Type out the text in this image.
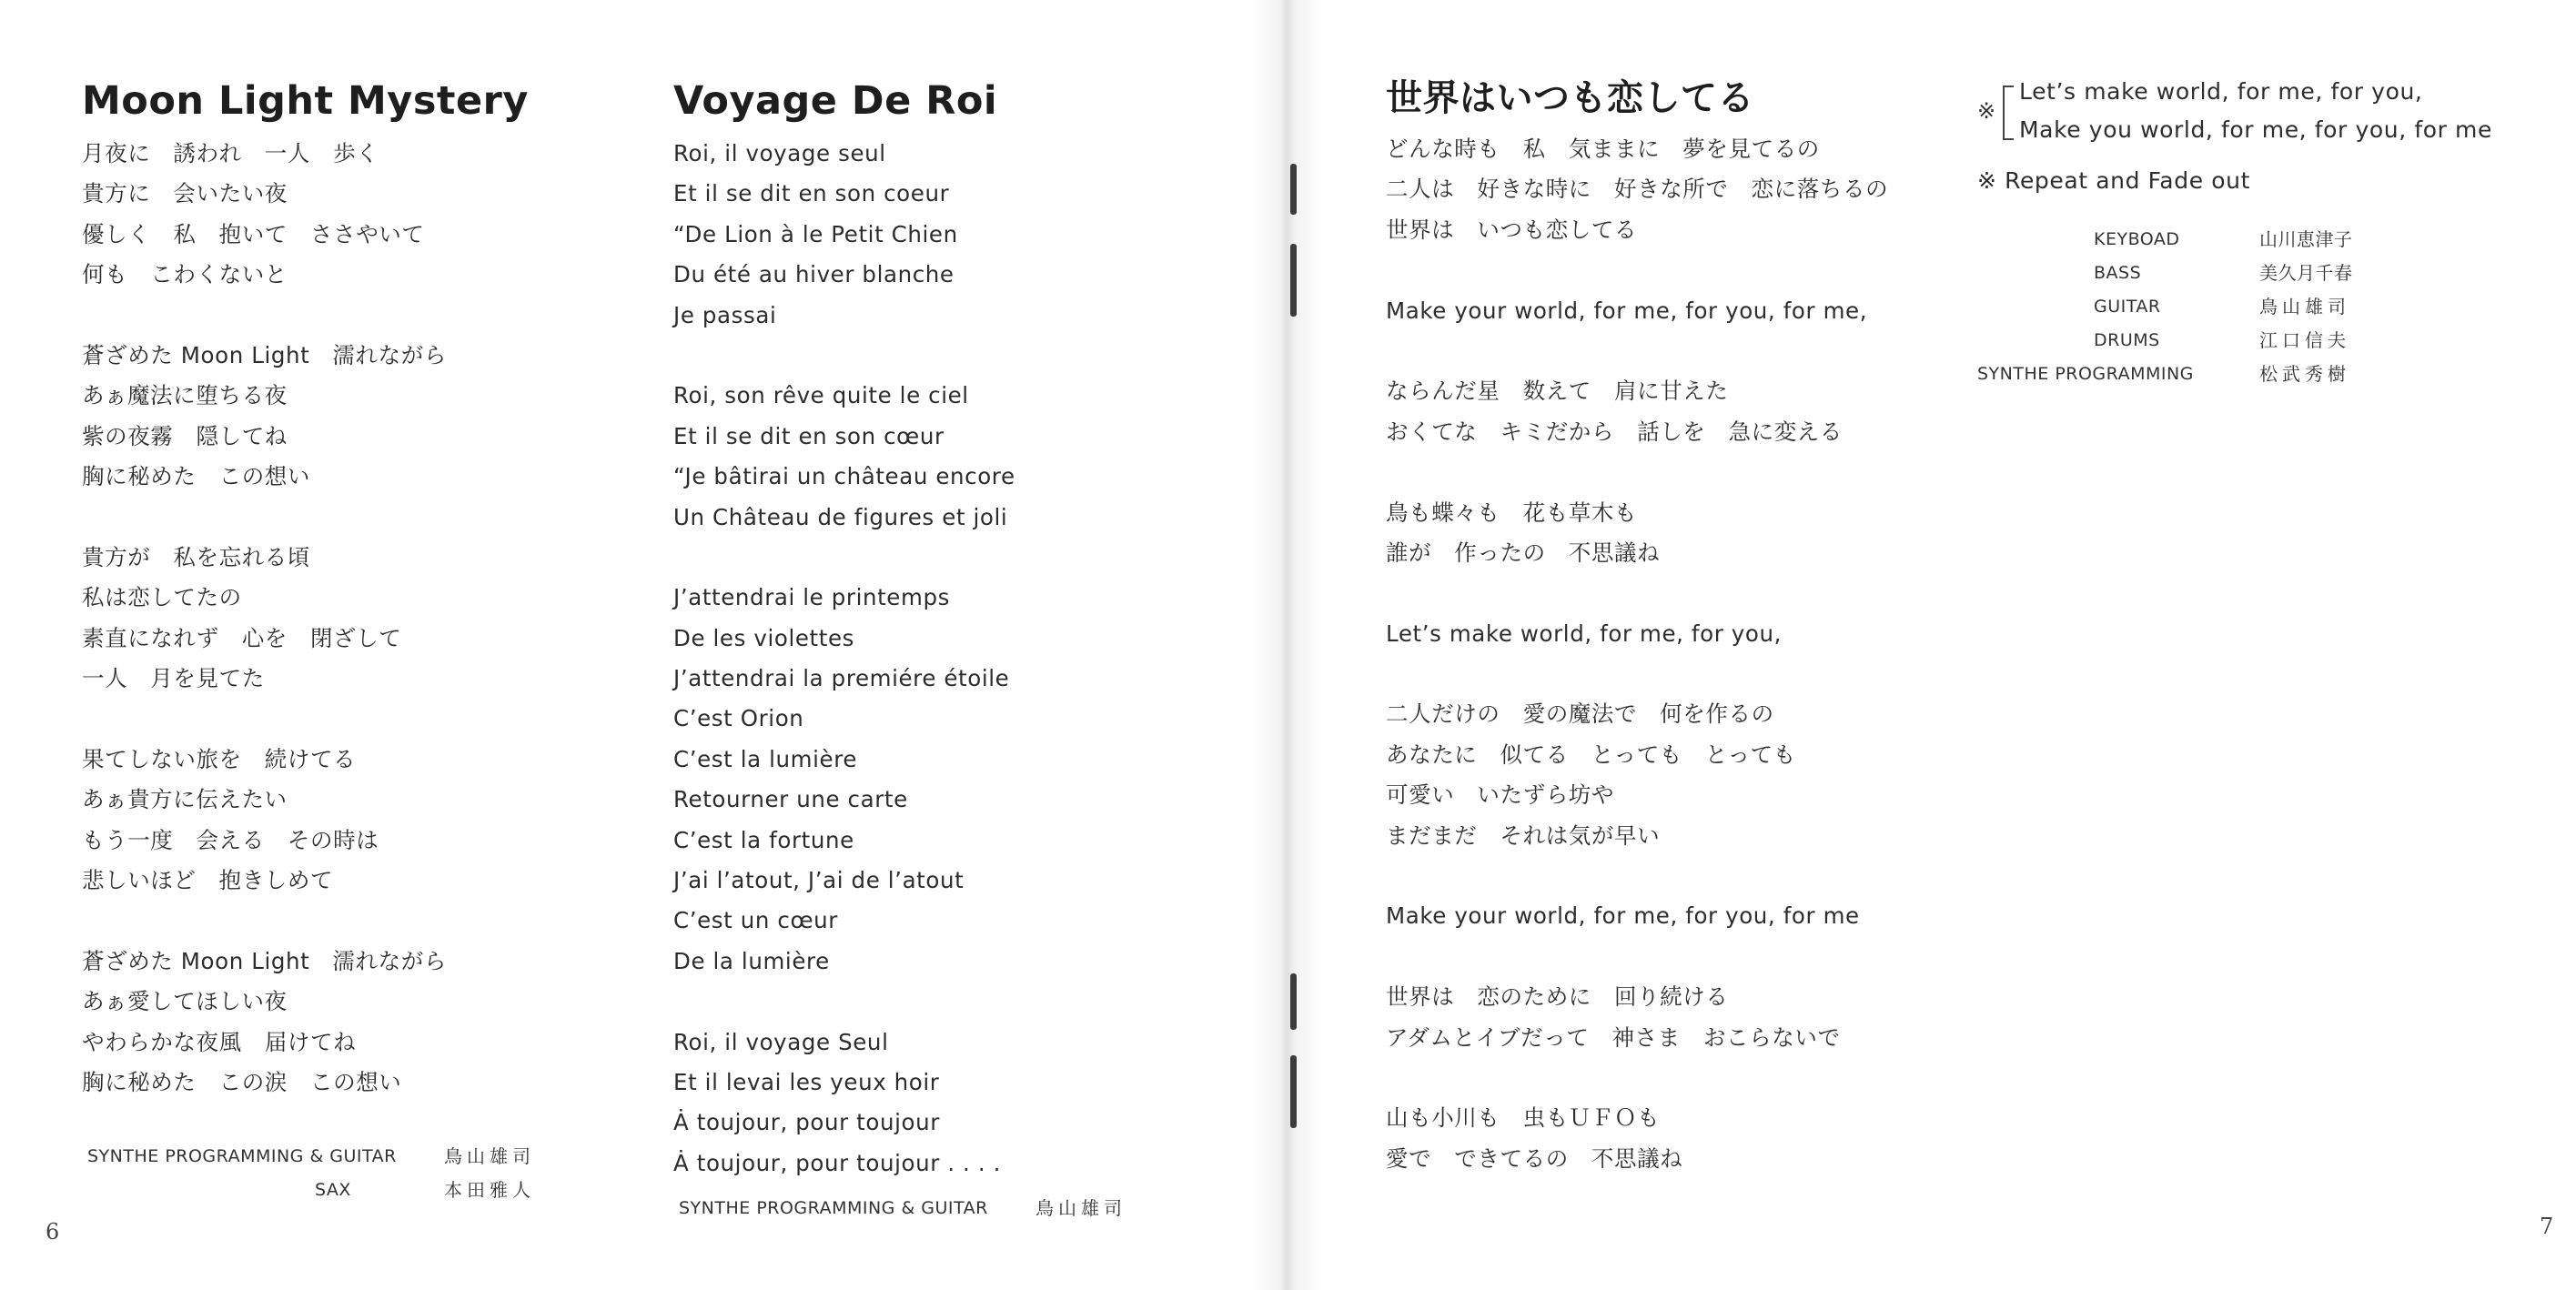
Moon Light Mystery
月夜に　誘われ　一人　歩く
貴方に　会いたい夜
優しく　私　抱いて　ささやいて
何も　こわくないと
蒼ざめた Moon Light　濡れながら
あぁ魔法に堕ちる夜
紫の夜霧　隠してね
胸に秘めた　この想い
貴方が　私を忘れる頃
私は恋してたの
素直になれず　心を　閉ざして
一人　月を見てた
果てしない旅を　続けてる
あぁ貴方に伝えたい
もう一度　会える　その時は
悲しいほど　抱きしめて
蒼ざめた Moon Light　濡れながら
あぁ愛してほしい夜
やわらかな夜風　届けてね
胸に秘めた　この涙　この想い
SYNTHE PROGRAMMING & GUITAR	鳥山雄司
SAX	本田雅人
Voyage De Roi
Roi, il voyage seul
Et il se dit en son coeur
“De Lion à le Petit Chien
Du été au hiver blanche
Je passai
Roi, son rêve quite le ciel
Et il se dit en son cœur
“Je bâtirai un château encore
Un Château de figures et joli
J’attendrai le printemps
De les violettes
J’attendrai la premiére étoile
C’est Orion
C’est la lumière
Retourner une carte
C’est la fortune
J’ai l’atout, J’ai de l’atout
C’est un cœur
De la lumière
Roi, il voyage Seul
Et il levai les yeux hoir
Ȧ toujour, pour toujour
Ȧ toujour, pour toujour . . . .
SYNTHE PROGRAMMING & GUITAR	鳥山雄司
6
世界はいつも恋してる
どんな時も　私　気ままに　夢を見てるの
二人は　好きな時に　好きな所で　恋に落ちるの
世界は　いつも恋してる
Make your world, for me, for you, for me,
ならんだ星　数えて　肩に甘えた
おくてな　キミだから　話しを　急に変える
鳥も蝶々も　花も草木も
誰が　作ったの　不思議ね
Let’s make world, for me, for you,
二人だけの　愛の魔法で　何を作るの
あなたに　似てる　とっても　とっても
可愛い　いたずら坊や
まだまだ　それは気が早い
Make your world, for me, for you, for me
世界は　恋のために　回り続ける
アダムとイブだって　神さま　おこらないで
山も小川も　虫もＵＦＯも
愛で　できてるの　不思議ね
※
Let’s make world, for me, for you,
Make you world, for me, for you, for me
※ Repeat and Fade out
KEYBOAD	山川恵津子
BASS	美久月千春
GUITAR	鳥山雄司
DRUMS	江口信夫
SYNTHE PROGRAMMING	松武秀樹
7
